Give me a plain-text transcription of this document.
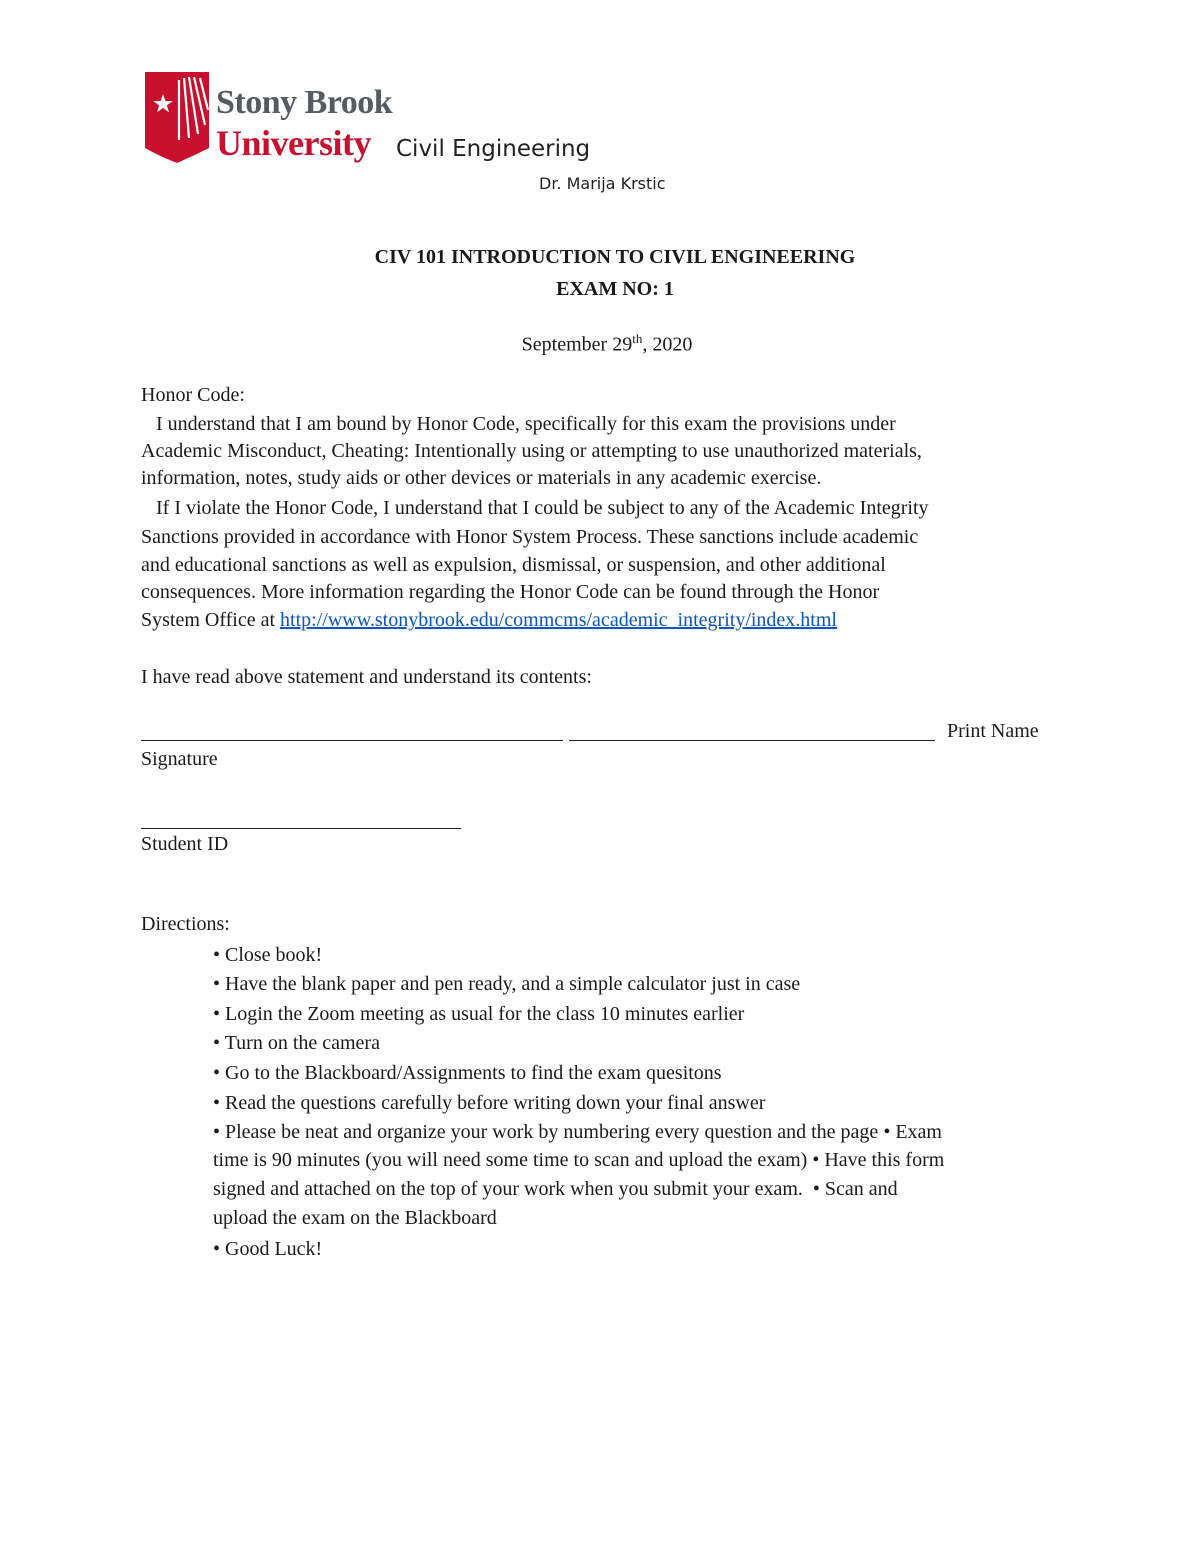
Stony Brook
University Civil Engineering
Dr. Marija Krstic
CIV 101 INTRODUCTION TO CIVIL ENGINEERING
EXAM NO: 1
September 29th, 2020
Honor Code:
I understand that I am bound by Honor Code, specifically for this exam the provisions under
Academic Misconduct, Cheating: Intentionally using or attempting to use unauthorized materials,
information, notes, study aids or other devices or materials in any academic exercise.
If I violate the Honor Code, I understand that I could be subject to any of the Academic Integrity
Sanctions provided in accordance with Honor System Process. These sanctions include academic
and educational sanctions as well as expulsion, dismissal, or suspension, and other additional
consequences. More information regarding the Honor Code can be found through the Honor
System Office at http://www.stonybrook.edu/commcms/academic_integrity/index.html
I have read above statement and understand its contents:
Print Name
Signature
Student ID
Directions:
• Close book!
• Have the blank paper and pen ready, and a simple calculator just in case
• Login the Zoom meeting as usual for the class 10 minutes earlier
• Turn on the camera
• Go to the Blackboard/Assignments to find the exam quesitons
• Read the questions carefully before writing down your final answer
• Please be neat and organize your work by numbering every question and the page • Exam
time is 90 minutes (you will need some time to scan and upload the exam) • Have this form
signed and attached on the top of your work when you submit your exam.  • Scan and
upload the exam on the Blackboard
• Good Luck!
